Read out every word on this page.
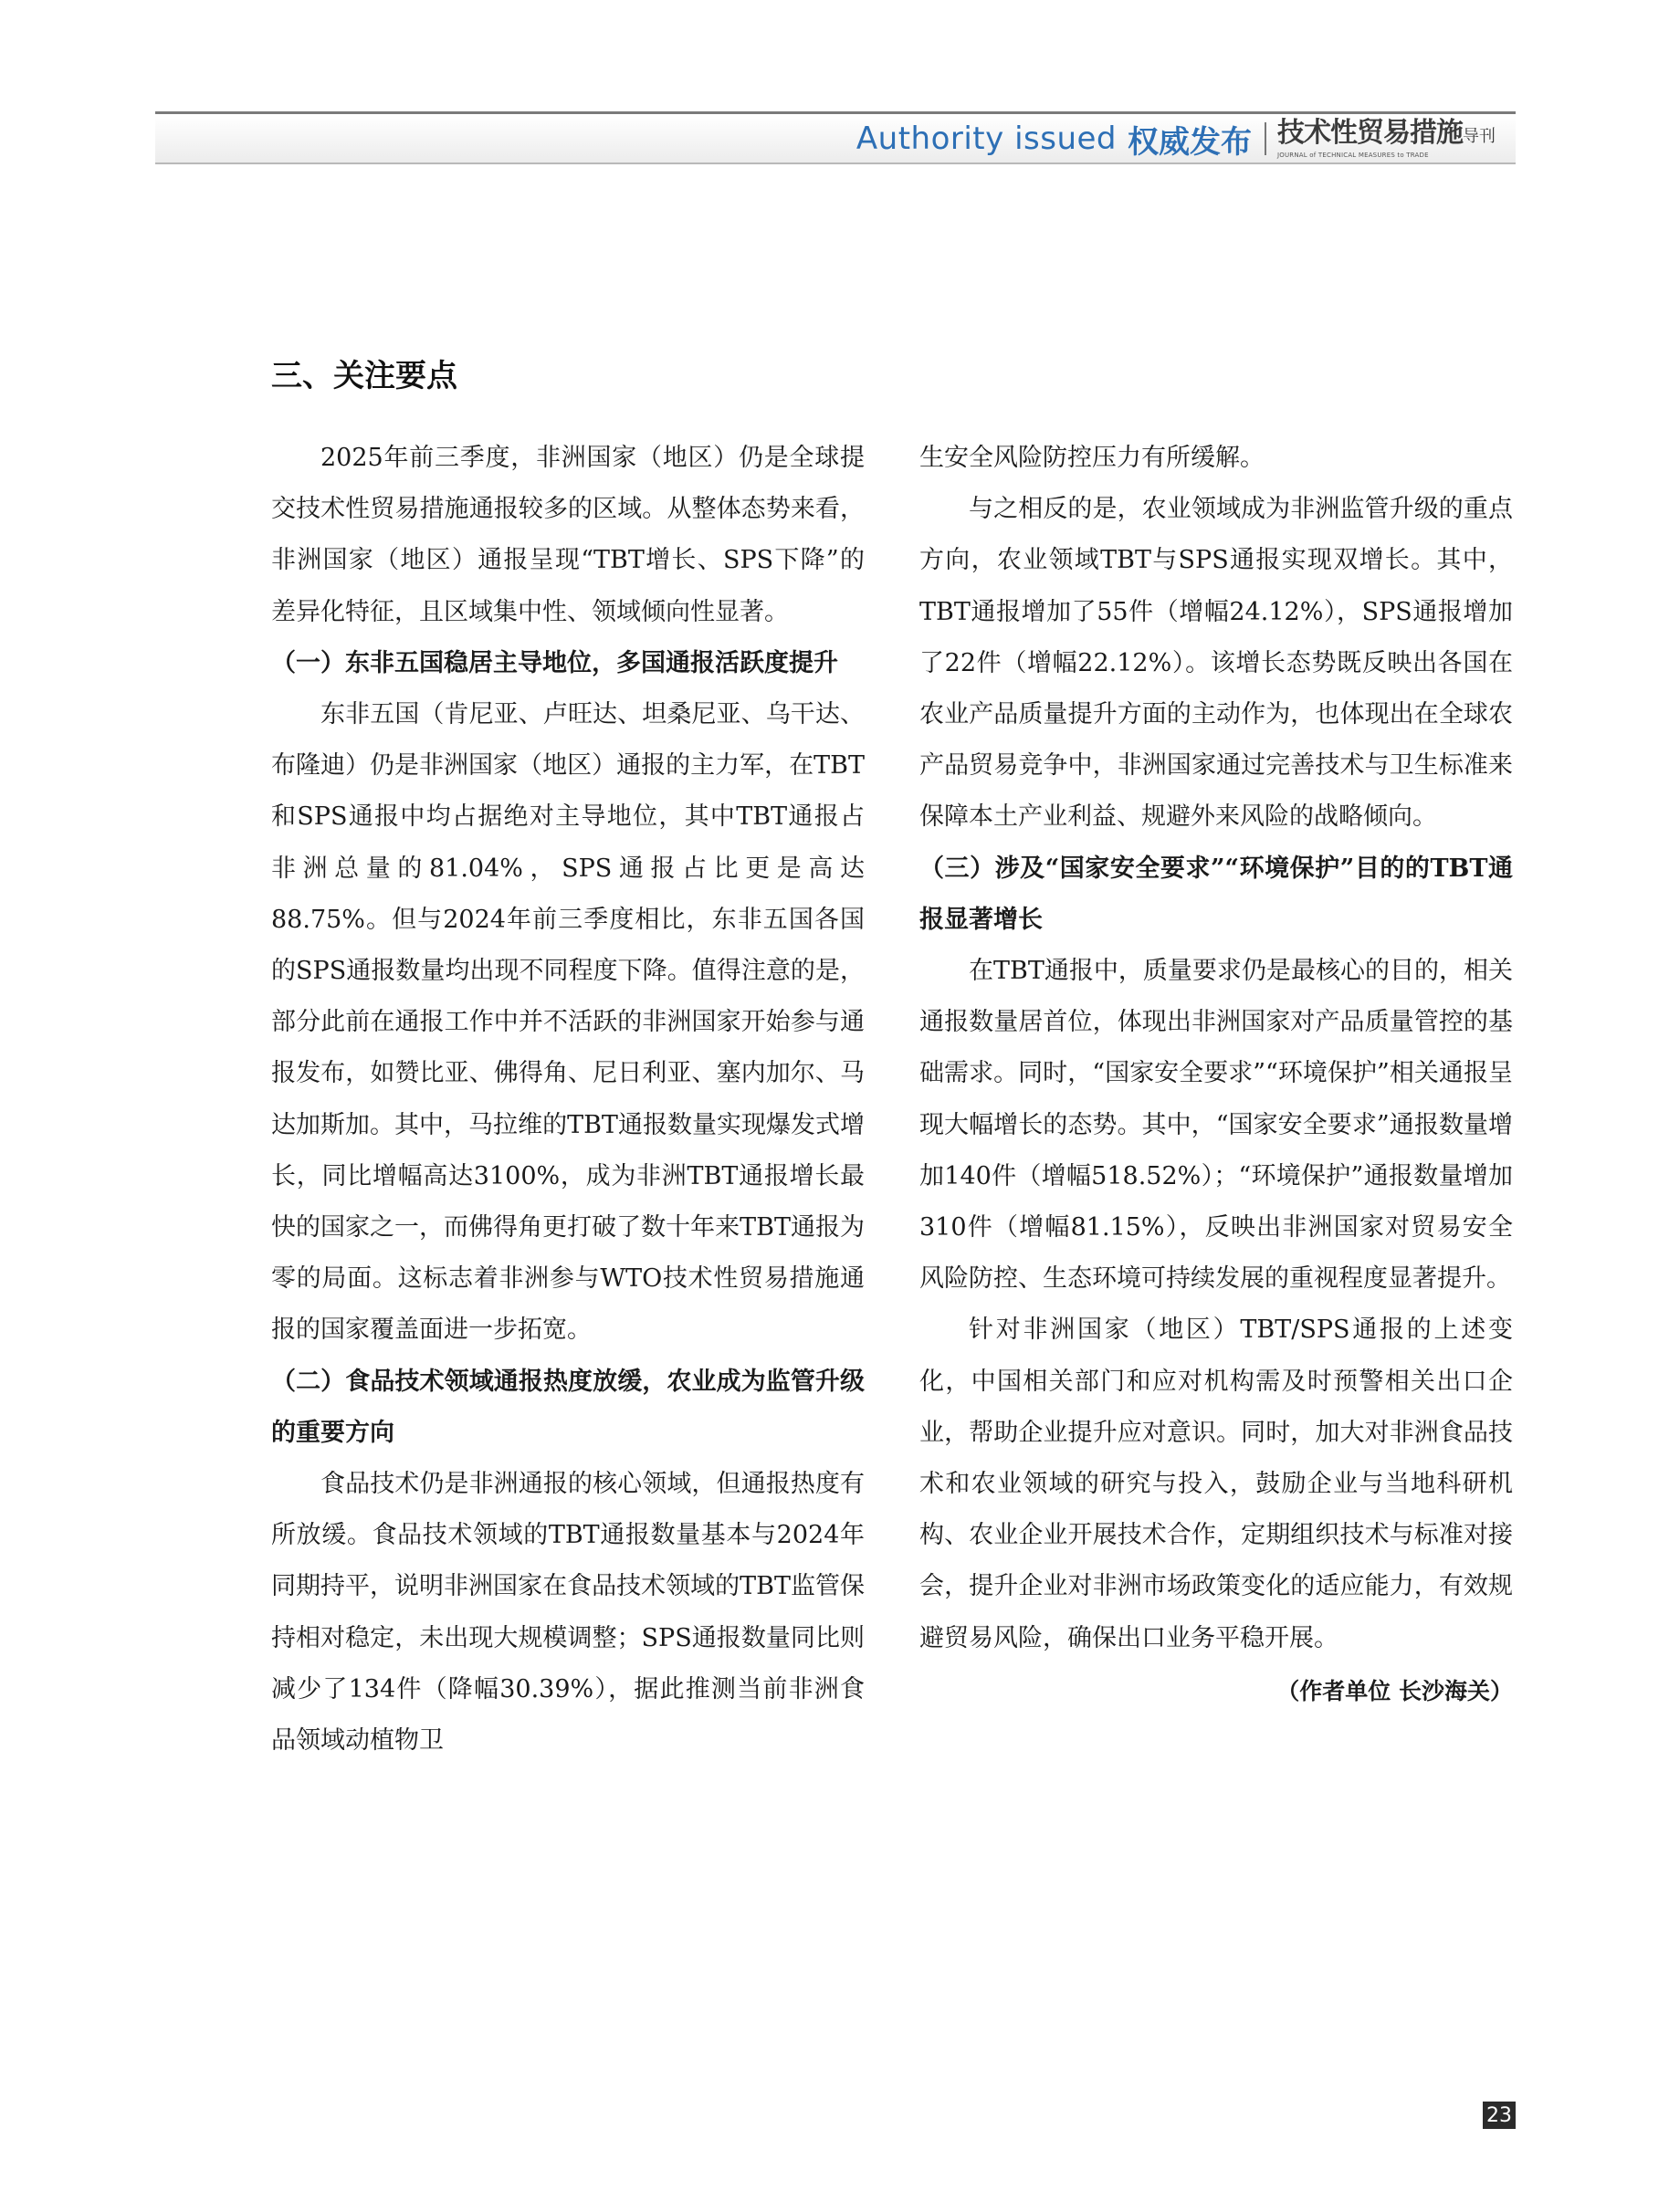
Authority issued 权威发布 技术性贸易措施导刊
JOURNAL of TECHNICAL MEASURES to TRADE
三、关注要点

2025年前三季度，非洲国家（地区）仍是全球提交技术性贸易措施通报较多的区域。从整体态势来看，非洲国家（地区）通报呈现“TBT增长、SPS下降”的差异化特征，且区域集中性、领域倾向性显著。

（一）东非五国稳居主导地位，多国通报活跃度提升

东非五国（肯尼亚、卢旺达、坦桑尼亚、乌干达、布隆迪）仍是非洲国家（地区）通报的主力军，在TBT和SPS通报中均占据绝对主导地位，其中TBT通报占非洲总量的81.04%，SPS通报占比更是高达88.75%。但与2024年前三季度相比，东非五国各国的SPS通报数量均出现不同程度下降。值得注意的是，部分此前在通报工作中并不活跃的非洲国家开始参与通报发布，如赞比亚、佛得角、尼日利亚、塞内加尔、马达加斯加。其中，马拉维的TBT通报数量实现爆发式增长，同比增幅高达3100%，成为非洲TBT通报增长最快的国家之一，而佛得角更打破了数十年来TBT通报为零的局面。这标志着非洲参与WTO技术性贸易措施通报的国家覆盖面进一步拓宽。

（二）食品技术领域通报热度放缓，农业成为监管升级的重要方向

食品技术仍是非洲通报的核心领域，但通报热度有所放缓。食品技术领域的TBT通报数量基本与2024年同期持平，说明非洲国家在食品技术领域的TBT监管保持相对稳定，未出现大规模调整；SPS通报数量同比则减少了134件（降幅30.39%），据此推测当前非洲食品领域动植物卫

生安全风险防控压力有所缓解。

与之相反的是，农业领域成为非洲监管升级的重点方向，农业领域TBT与SPS通报实现双增长。其中，TBT通报增加了55件（增幅24.12%），SPS通报增加了22件（增幅22.12%）。该增长态势既反映出各国在农业产品质量提升方面的主动作为，也体现出在全球农产品贸易竞争中，非洲国家通过完善技术与卫生标准来保障本土产业利益、规避外来风险的战略倾向。

（三）涉及“国家安全要求”“环境保护”目的的TBT通报显著增长

在TBT通报中，质量要求仍是最核心的目的，相关通报数量居首位，体现出非洲国家对产品质量管控的基础需求。同时，“国家安全要求”“环境保护”相关通报呈现大幅增长的态势。其中，“国家安全要求”通报数量增加140件（增幅518.52%）；“环境保护”通报数量增加310件（增幅81.15%），反映出非洲国家对贸易安全风险防控、生态环境可持续发展的重视程度显著提升。

针对非洲国家（地区）TBT/SPS通报的上述变化，中国相关部门和应对机构需及时预警相关出口企业，帮助企业提升应对意识。同时，加大对非洲食品技术和农业领域的研究与投入，鼓励企业与当地科研机构、农业企业开展技术合作，定期组织技术与标准对接会，提升企业对非洲市场政策变化的适应能力，有效规避贸易风险，确保出口业务平稳开展。

（作者单位 长沙海关）

23
